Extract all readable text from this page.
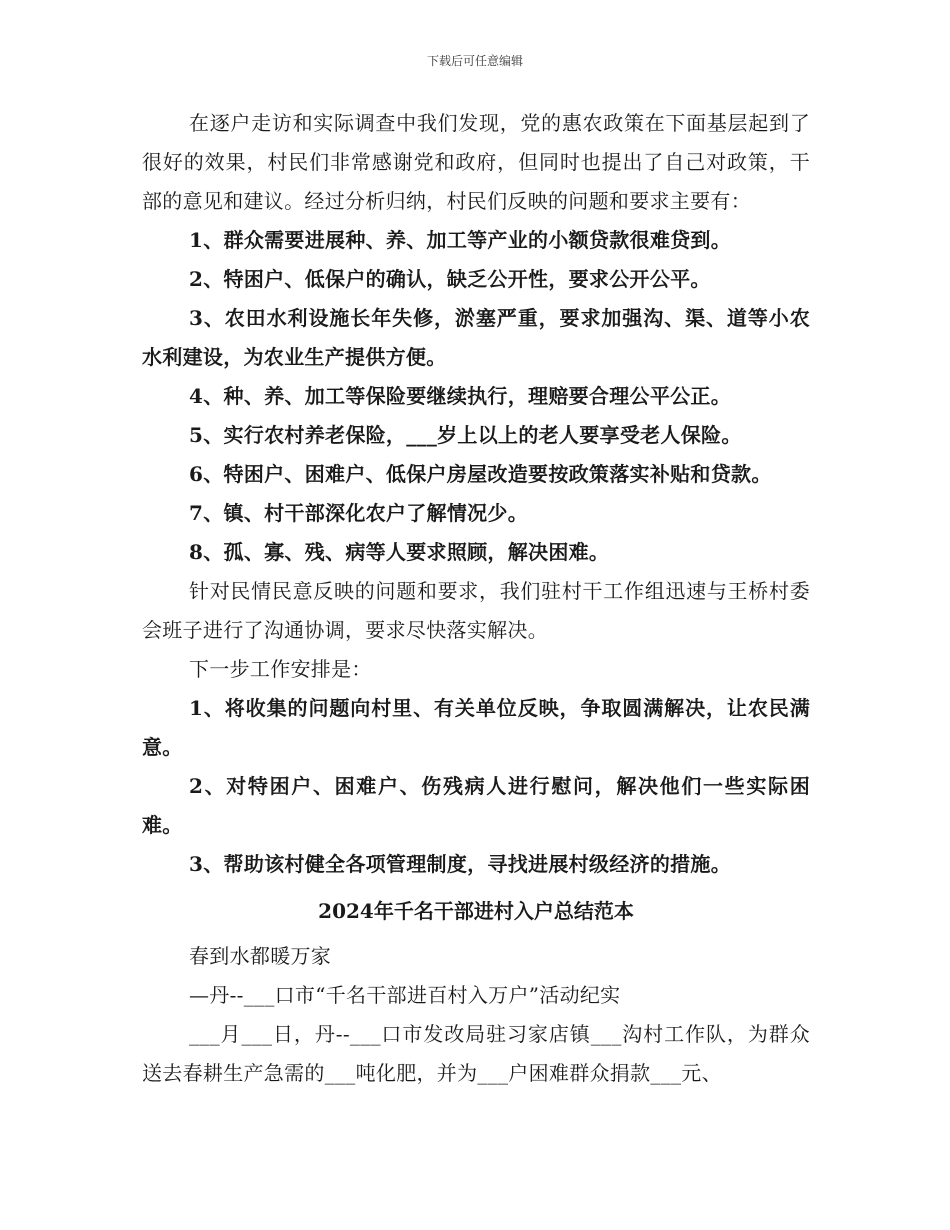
下载后可任意编辑

在逐户走访和实际调查中我们发现，党的惠农政策在下面基层起到了很好的效果，村民们非常感谢党和政府，但同时也提出了自己对政策，干部的意见和建议。经过分析归纳，村民们反映的问题和要求主要有：

1、群众需要进展种、养、加工等产业的小额贷款很难贷到。

2、特困户、低保户的确认，缺乏公开性，要求公开公平。

3、农田水利设施长年失修，淤塞严重，要求加强沟、渠、道等小农水利建设，为农业生产提供方便。

4、种、养、加工等保险要继续执行，理赔要合理公平公正。

5、实行农村养老保险，___岁上以上的老人要享受老人保险。

6、特困户、困难户、低保户房屋改造要按政策落实补贴和贷款。

7、镇、村干部深化农户了解情况少。

8、孤、寡、残、病等人要求照顾，解决困难。

针对民情民意反映的问题和要求，我们驻村干工作组迅速与王桥村委会班子进行了沟通协调，要求尽快落实解决。

下一步工作安排是：

1、将收集的问题向村里、有关单位反映，争取圆满解决，让农民满意。

2、对特困户、困难户、伤残病人进行慰问，解决他们一些实际困难。

3、帮助该村健全各项管理制度，寻找进展村级经济的措施。

2024年千名干部进村入户总结范本

春到水都暖万家

—丹--___口市“千名干部进百村入万户”活动纪实

___月___日，丹--___口市发改局驻习家店镇___沟村工作队，为群众送去春耕生产急需的___吨化肥，并为___户困难群众捐款___元、
